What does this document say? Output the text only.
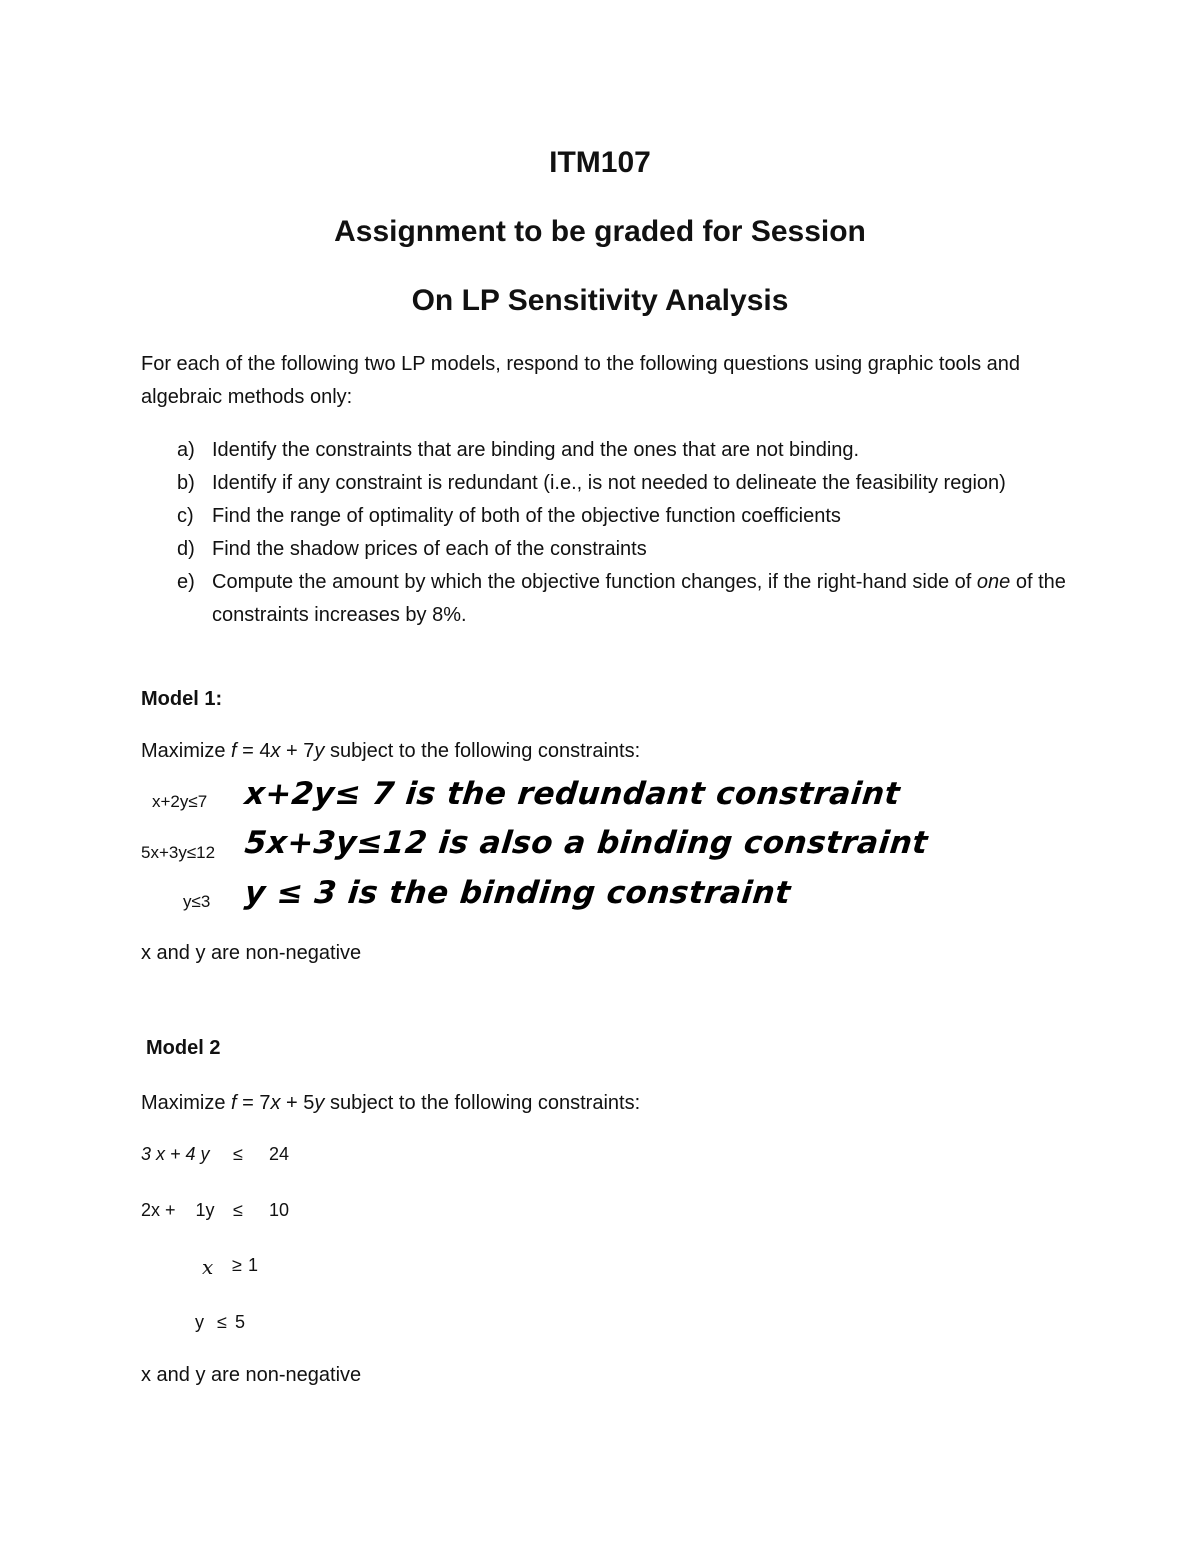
ITM107
Assignment to be graded for Session
On LP Sensitivity Analysis
For each of the following two LP models, respond to the following questions using graphic tools and algebraic methods only:
a) Identify the constraints that are binding and the ones that are not binding.
b) Identify if any constraint is redundant (i.e., is not needed to delineate the feasibility region)
c) Find the range of optimality of both of the objective function coefficients
d) Find the shadow prices of each of the constraints
e) Compute the amount by which the objective function changes, if the right-hand side of one of the constraints increases by 8%.
Model 1:
Maximize f = 4x + 7y subject to the following constraints:
x+2y≤7
5x+3y≤12
y≤3
x+2y≤ 7 is the redundant constraint
5x+3y≤12 is also a binding constraint
y ≤ 3 is the binding constraint
x and y are non-negative
Model 2
Maximize f = 7x + 5y subject to the following constraints:
3 x + 4 y ≤ 24
2x +    1y ≤ 10
x ≥ 1
y ≤ 5
x and y are non-negative
